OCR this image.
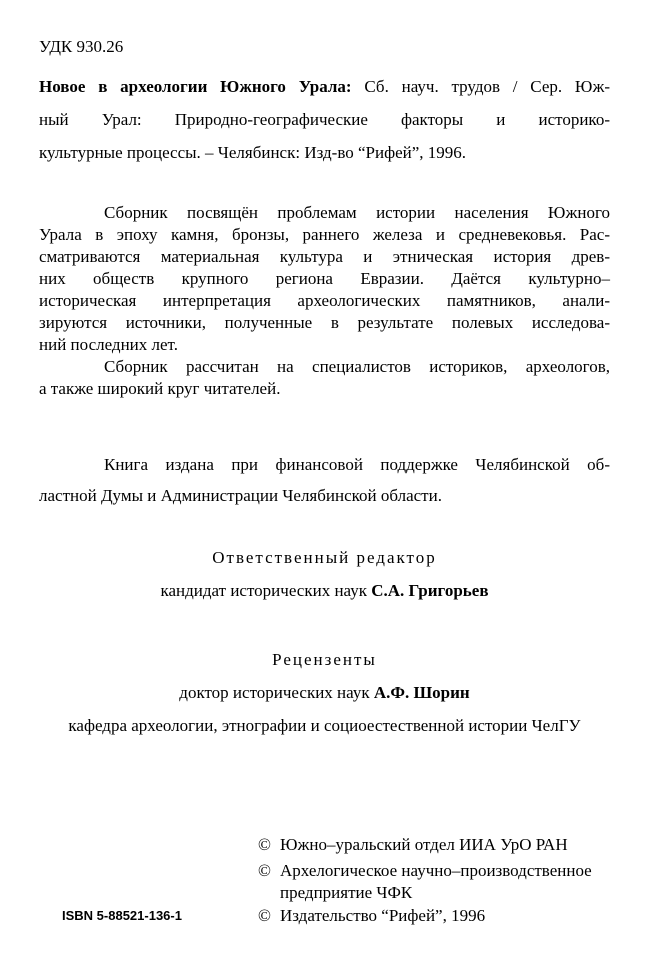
УДК 930.26
Новое в археологии Южного Урала: Сб. науч. трудов / Сер. Юж-
ный Урал: Природно-географические факторы и историко-
культурные процессы. – Челябинск: Изд-во “Рифей”, 1996.
Сборник посвящён проблемам истории населения Южного
Урала в эпоху камня, бронзы, раннего железа и средневековья. Рас-
сматриваются материальная культура и этническая история древ-
них обществ крупного региона Евразии. Даётся культурно–
историческая интерпретация археологических памятников, анали-
зируются источники, полученные в результате полевых исследова-
ний последних лет.
Сборник рассчитан на специалистов историков, археологов,
а также широкий круг читателей.
Книга издана при финансовой поддержке Челябинской об-
ластной Думы и Администрации Челябинской области.
Ответственный редактор
кандидат исторических наук С.А. Григорьев
Рецензенты
доктор исторических наук А.Ф. Шорин
кафедра археологии, этнографии и социоестественной истории ЧелГУ
© Южно–уральский отдел ИИА УрО РАН
© Архелогическое научно–производственное
предприятие ЧФК
© Издательство “Рифей”, 1996
ISBN 5-88521-136-1
